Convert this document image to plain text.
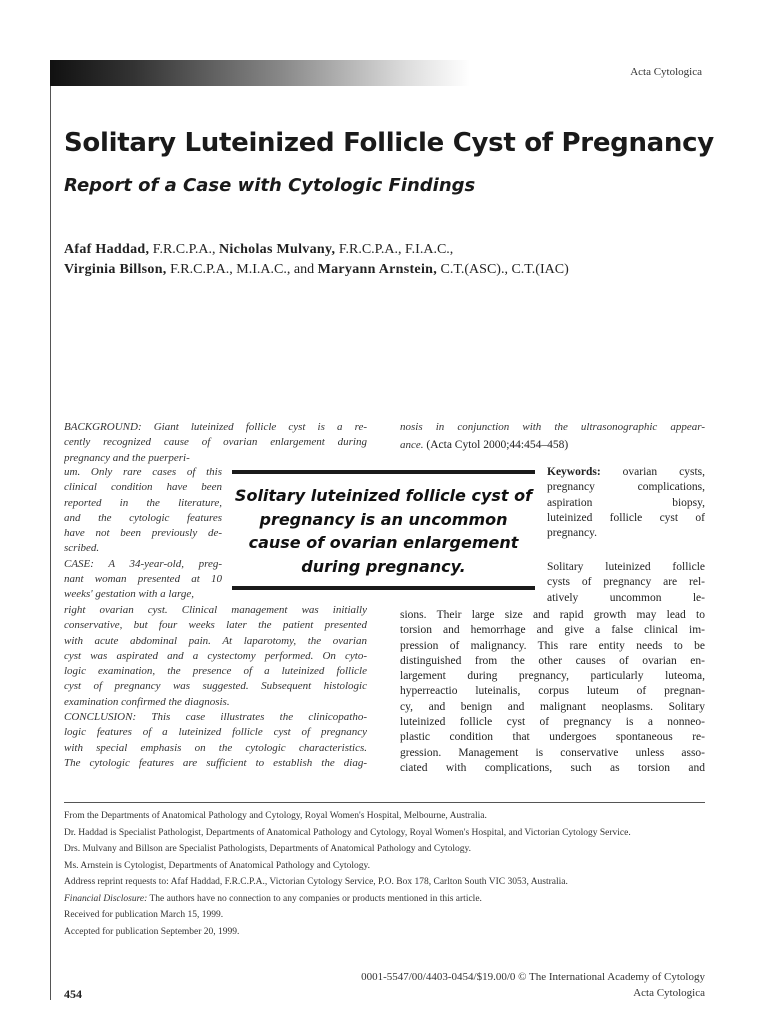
Acta Cytologica
Solitary Luteinized Follicle Cyst of Pregnancy
Report of a Case with Cytologic Findings
Afaf Haddad, F.R.C.P.A., Nicholas Mulvany, F.R.C.P.A., F.I.A.C.,
Virginia Billson, F.R.C.P.A., M.I.A.C., and Maryann Arnstein, C.T.(ASC)., C.T.(IAC)
BACKGROUND: Giant luteinized follicle cyst is a re-
cently recognized cause of ovarian enlargement during
pregnancy and the puerperi-
um. Only rare cases of this
clinical condition have been
reported in the literature,
and the cytologic features
have not been previously de-
scribed.
CASE: A 34-year-old, preg-
nant woman presented at 10
weeks' gestation with a large,
right ovarian cyst. Clinical management was initially
conservative, but four weeks later the patient presented
with acute abdominal pain. At laparotomy, the ovarian
cyst was aspirated and a cystectomy performed. On cyto-
logic examination, the presence of a luteinized follicle
cyst of pregnancy was suggested. Subsequent histologic
examination confirmed the diagnosis.
CONCLUSION: This case illustrates the clinicopatho-
logic features of a luteinized follicle cyst of pregnancy
with special emphasis on the cytologic characteristics.
The cytologic features are sufficient to establish the diag-
nosis in conjunction with the ultrasonographic appear-
ance. (Acta Cytol 2000;44:454–458)
Solitary luteinized follicle cyst of pregnancy is an uncommon cause of ovarian enlargement during pregnancy.
Keywords: ovarian cysts,
pregnancy complications,
aspiration biopsy,
luteinized follicle cyst of
pregnancy.
Solitary luteinized follicle
cysts of pregnancy are rel-
atively uncommon le-
sions. Their large size and rapid growth may lead to
torsion and hemorrhage and give a false clinical im-
pression of malignancy. This rare entity needs to be
distinguished from the other causes of ovarian en-
largement during pregnancy, particularly luteoma,
hyperreactio luteinalis, corpus luteum of pregnan-
cy, and benign and malignant neoplasms. Solitary
luteinized follicle cyst of pregnancy is a nonneo-
plastic condition that undergoes spontaneous re-
gression. Management is conservative unless asso-
ciated with complications, such as torsion and

From the Departments of Anatomical Pathology and Cytology, Royal Women's Hospital, Melbourne, Australia.

Dr. Haddad is Specialist Pathologist, Departments of Anatomical Pathology and Cytology, Royal Women's Hospital, and Victorian Cytology Service.

Drs. Mulvany and Billson are Specialist Pathologists, Departments of Anatomical Pathology and Cytology.

Ms. Arnstein is Cytologist, Departments of Anatomical Pathology and Cytology.

Address reprint requests to: Afaf Haddad, F.R.C.P.A., Victorian Cytology Service, P.O. Box 178, Carlton South VIC 3053, Australia.

Financial Disclosure: The authors have no connection to any companies or products mentioned in this article.

Received for publication March 15, 1999.

Accepted for publication September 20, 1999.

0001-5547/00/4403-0454/$19.00/0 © The International Academy of Cytology
454	Acta Cytologica
